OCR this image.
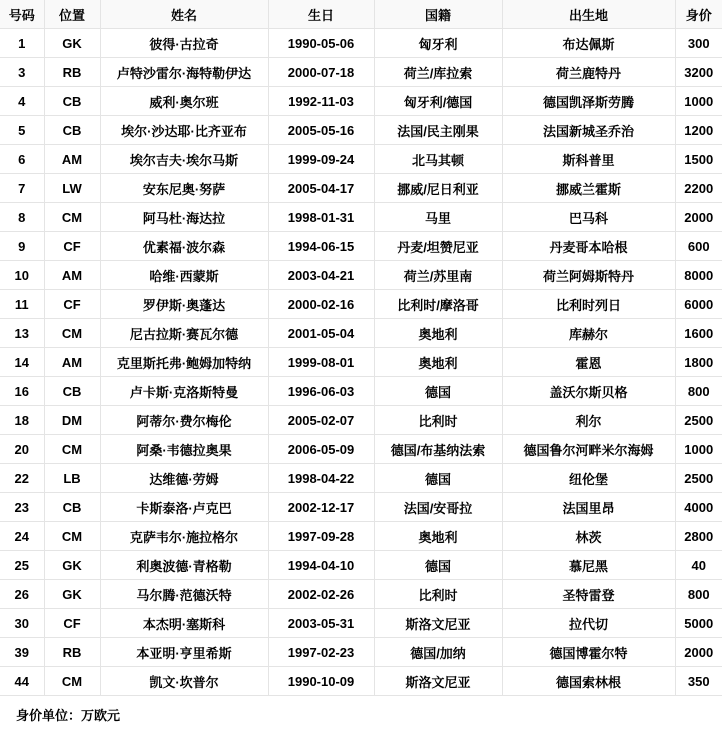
号码	位置	姓名	生日	国籍	出生地	身价
1	GK	彼得·古拉奇	1990-05-06	匈牙利	布达佩斯	300
3	RB	卢特沙雷尔·海特勒伊达	2000-07-18	荷兰/库拉索	荷兰鹿特丹	3200
4	CB	威利·奥尔班	1992-11-03	匈牙利/德国	德国凯泽斯劳腾	1000
5	CB	埃尔·沙达耶·比齐亚布	2005-05-16	法国/民主刚果	法国新城圣乔治	1200
6	AM	埃尔吉夫·埃尔马斯	1999-09-24	北马其顿	斯科普里	1500
7	LW	安东尼奥·努萨	2005-04-17	挪威/尼日利亚	挪威兰霍斯	2200
8	CM	阿马杜·海达拉	1998-01-31	马里	巴马科	2000
9	CF	优素福·波尔森	1994-06-15	丹麦/坦赞尼亚	丹麦哥本哈根	600
10	AM	哈维·西蒙斯	2003-04-21	荷兰/苏里南	荷兰阿姆斯特丹	8000
11	CF	罗伊斯·奥蓬达	2000-02-16	比利时/摩洛哥	比利时列日	6000
13	CM	尼古拉斯·赛瓦尔德	2001-05-04	奥地利	库赫尔	1600
14	AM	克里斯托弗·鲍姆加特纳	1999-08-01	奥地利	霍恩	1800
16	CB	卢卡斯·克洛斯特曼	1996-06-03	德国	盖沃尔斯贝格	800
18	DM	阿蒂尔·费尔梅伦	2005-02-07	比利时	利尔	2500
20	CM	阿桑·韦德拉奥果	2006-05-09	德国/布基纳法索	德国鲁尔河畔米尔海姆	1000
22	LB	达维德·劳姆	1998-04-22	德国	纽伦堡	2500
23	CB	卡斯泰洛·卢克巴	2002-12-17	法国/安哥拉	法国里昂	4000
24	CM	克萨韦尔·施拉格尔	1997-09-28	奥地利	林茨	2800
25	GK	利奥波德·青格勒	1994-04-10	德国	慕尼黑	40
26	GK	马尔腾·范德沃特	2002-02-26	比利时	圣特雷登	800
30	CF	本杰明·塞斯科	2003-05-31	斯洛文尼亚	拉代切	5000
39	RB	本亚明·亨里希斯	1997-02-23	德国/加纳	德国博霍尔特	2000
44	CM	凯文·坎普尔	1990-10-09	斯洛文尼亚	德国索林根	350
身价单位：万欧元
